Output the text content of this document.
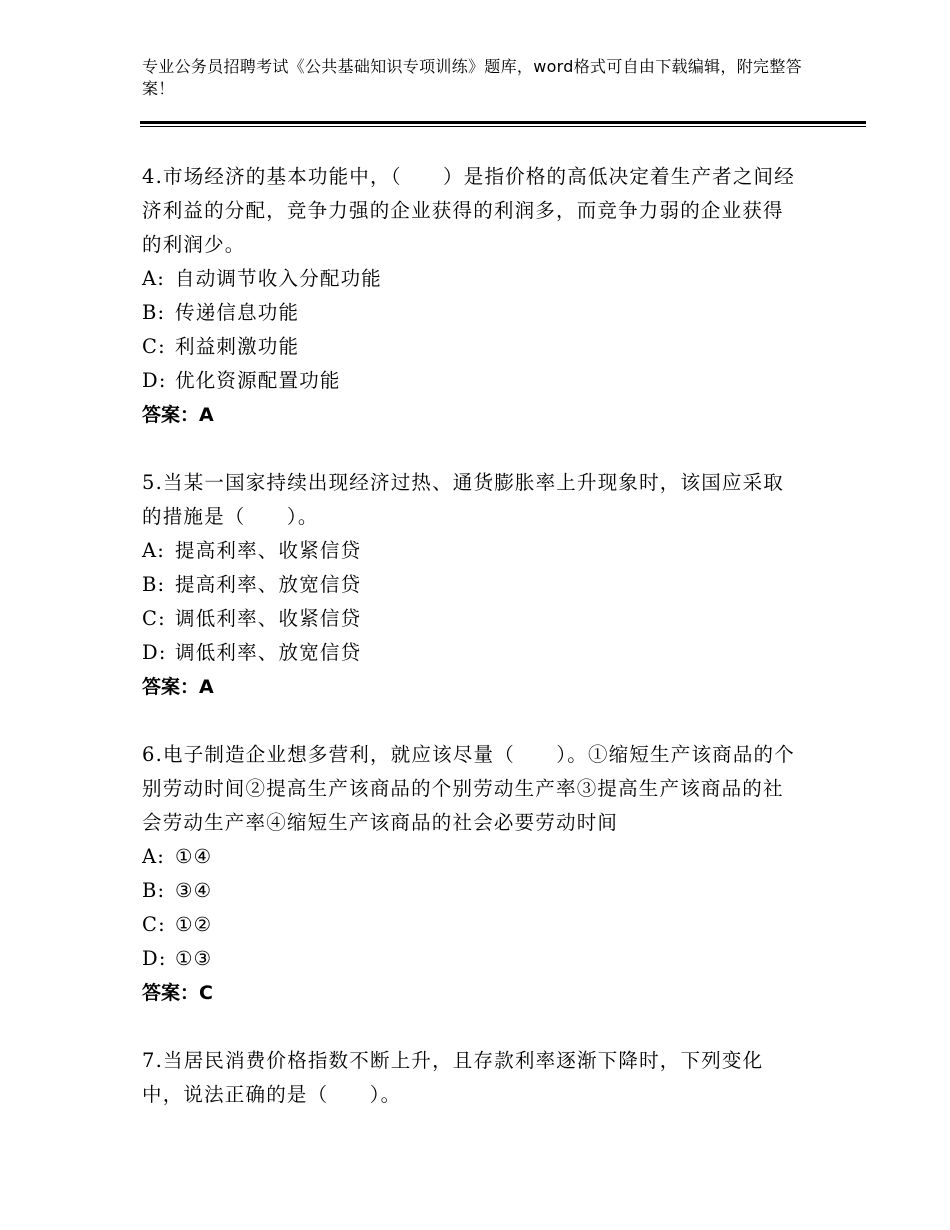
专业公务员招聘考试《公共基础知识专项训练》题库，word格式可自由下载编辑，附完整答案！

4.市场经济的基本功能中，（　　）是指价格的高低决定着生产者之间经济利益的分配，竞争力强的企业获得的利润多，而竞争力弱的企业获得的利润少。

A: 自动调节收入分配功能

B: 传递信息功能

C: 利益刺激功能

D: 优化资源配置功能

答案：A

5.当某一国家持续出现经济过热、通货膨胀率上升现象时，该国应采取的措施是（　　）。

A: 提高利率、收紧信贷

B: 提高利率、放宽信贷

C: 调低利率、收紧信贷

D: 调低利率、放宽信贷

答案：A

6.电子制造企业想多营利，就应该尽量（　　）。①缩短生产该商品的个别劳动时间②提高生产该商品的个别劳动生产率③提高生产该商品的社会劳动生产率④缩短生产该商品的社会必要劳动时间

A: ①④

B: ③④

C: ①②

D: ①③

答案：C

7.当居民消费价格指数不断上升，且存款利率逐渐下降时，下列变化中，说法正确的是（　　）。
